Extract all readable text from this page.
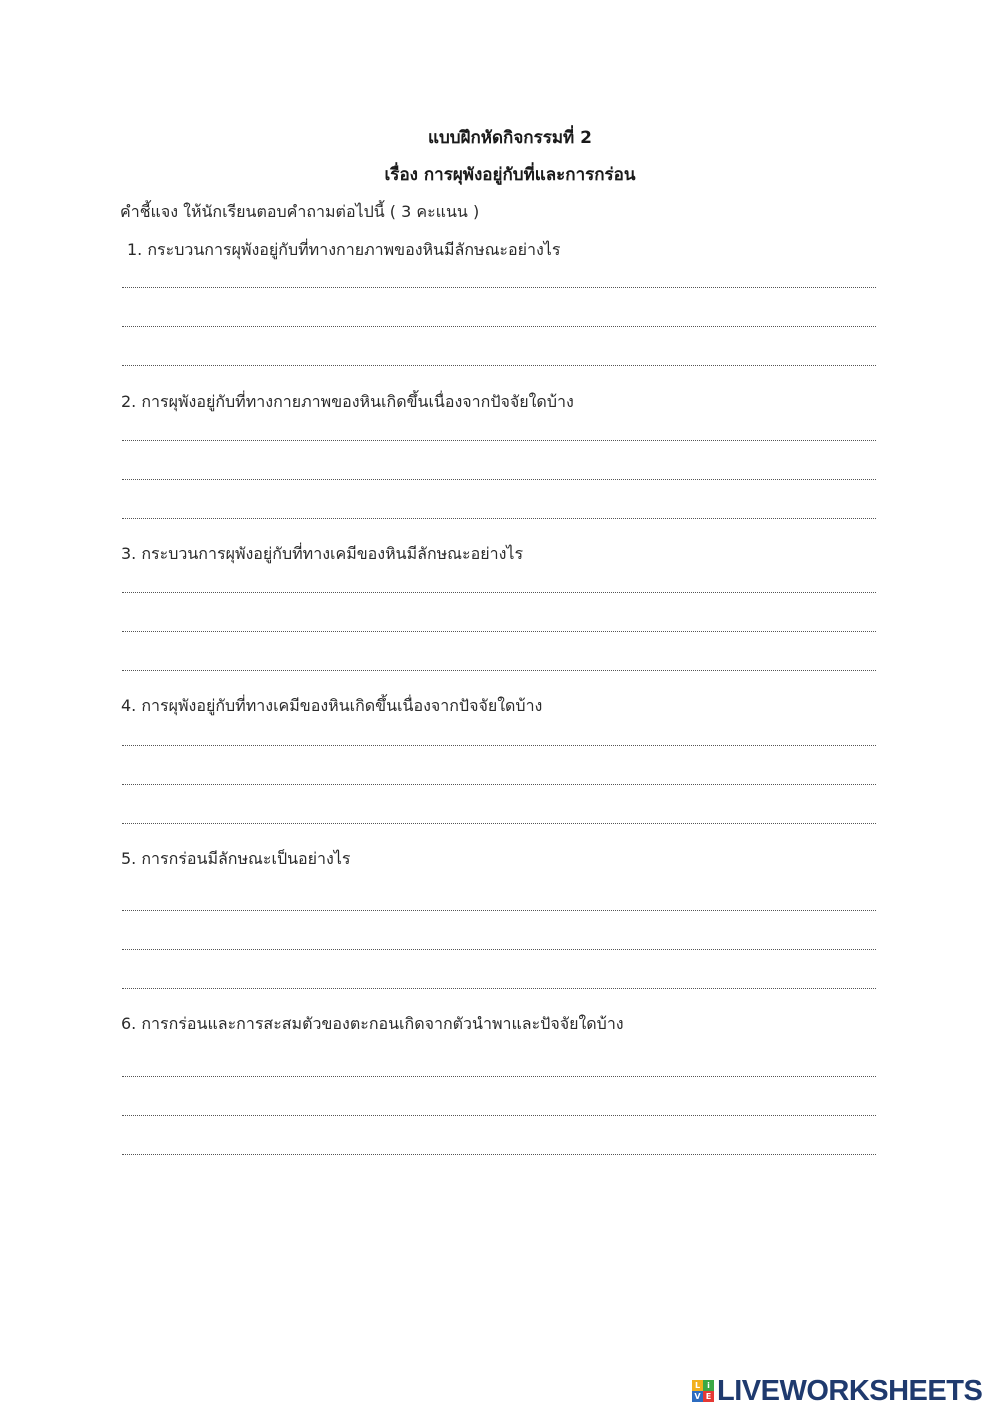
แบบฝึกหัดกิจกรรมที่ 2
เรื่อง การผุพังอยู่กับที่และการกร่อน
คำชี้แจง ให้นักเรียนตอบคำถามต่อไปนี้ ( 3 คะแนน )
1. กระบวนการผุพังอยู่กับที่ทางกายภาพของหินมีลักษณะอย่างไร
2. การผุพังอยู่กับที่ทางกายภาพของหินเกิดขึ้นเนื่องจากปัจจัยใดบ้าง
3. กระบวนการผุพังอยู่กับที่ทางเคมีของหินมีลักษณะอย่างไร
4. การผุพังอยู่กับที่ทางเคมีของหินเกิดขึ้นเนื่องจากปัจจัยใดบ้าง
5. การกร่อนมีลักษณะเป็นอย่างไร
6. การกร่อนและการสะสมตัวของตะกอนเกิดจากตัวนำพาและปัจจัยใดบ้าง
L i
V E LIVEWORKSHEETS
